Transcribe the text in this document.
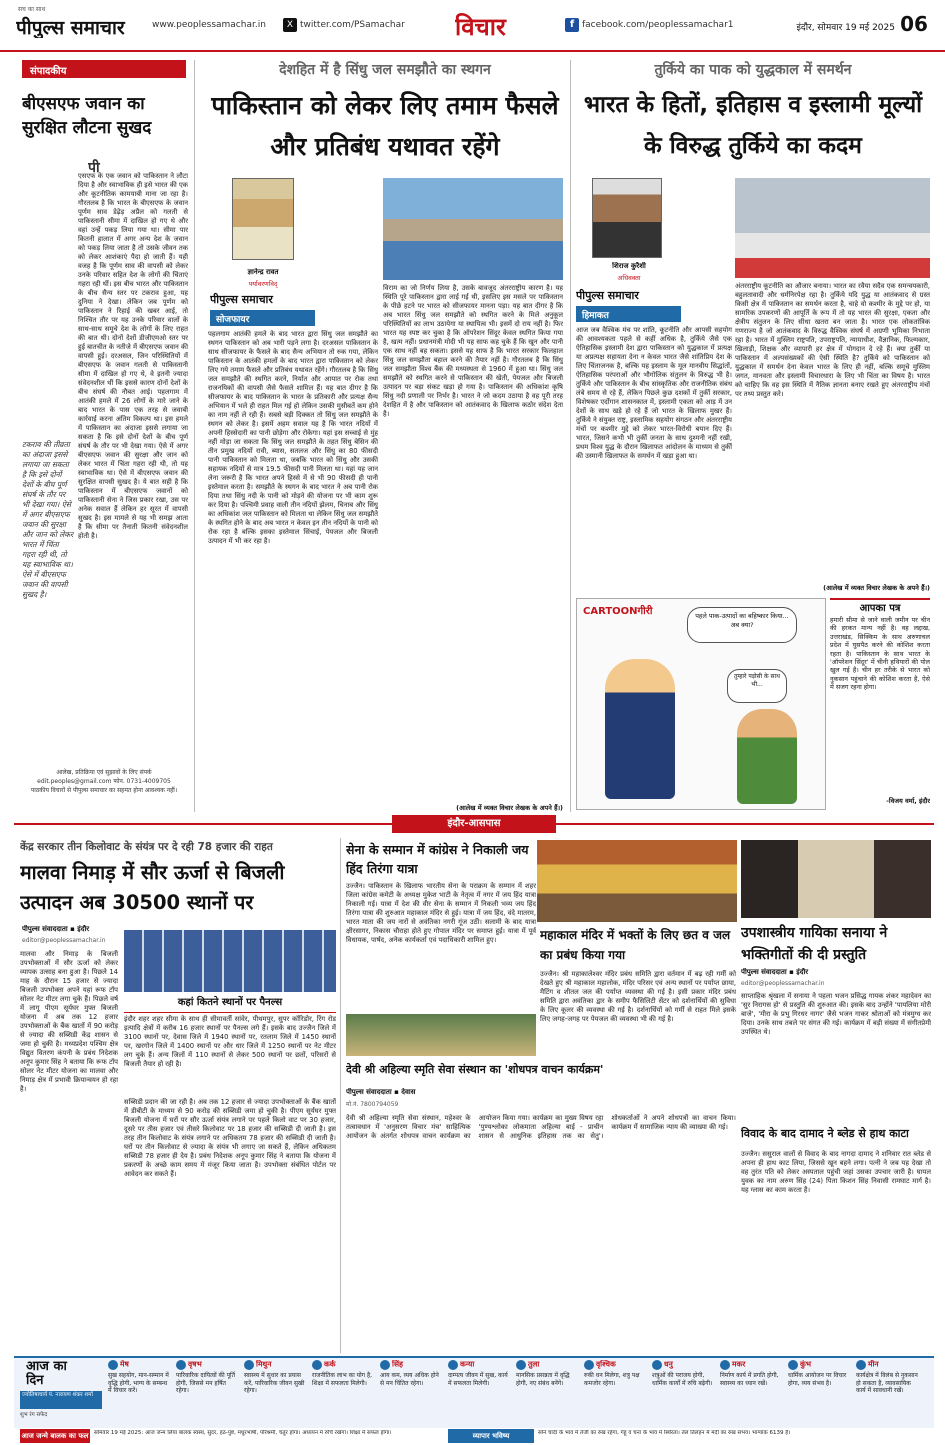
पीपुल्स समाचार
सच का साथ
www.peoplessamachar.in	X twitter.com/PSamachar	विचार	f facebook.com/peoplessamachar1	इंदौर, सोमवार 19 मई 2025 06
संपादकीय
बीएसएफ जवान का सुरक्षित लौटना सुखद
पी
एसएफ के एक जवान को पाकिस्तान ने लौटा दिया है और स्वाभाविक ही इसे भारत की एक और कूटनीतिक कामयाबी माना जा रहा है। गौरतलब है कि भारत के बीएसएफ के जवान पूर्णम साव डेढ़ेड़ अप्रैल को गलती से पाकिस्तानी सीमा में दाखिल हो गए थे और वहां उन्हें पकड़ लिया गया था। सीमा पार कितनी हालात में अगर अन्य देश के जवान को पकड़ लिया जाता है तो उसके जीवन तक को लेकर आशंकाएं पैदा हो जाती हैं। यही वजह है कि पूर्णम साव की वापसी को लेकर उनके परिवार सहित देश के लोगों की चिंताएं गहरा रही थीं। इस बीच भारत और पाकिस्तान के बीच सैन्य स्तर पर टकराव हुआ, यह दुनिया ने देखा। लेकिन जब पूर्णम को पाकिस्तान ने रिहाई की खबर आई, तो निश्चित तौर पर यह उनके परिवार वालों के साथ-साथ समूचे देश के लोगों के लिए राहत की बात थी। दोनों देशों डीजीएमओ स्तर पर हुई बातचीत के नतीजे में बीएसएफ जवान की वापसी हुई। दरअसल, जिन परिस्थितियों में बीएसएफ के जवान गलती से पाकिस्तानी सीमा में दाखिल हो गए थे, वे इतनी ज्यादा संवेदनशील थीं कि इससे कारण दोनों देशों के बीच संघर्ष की नौबत आई। पहलगाम में आतंकी हमले में 26 लोगों के मारे जाने के बाद भारत के पास एक तरह से जवाबी कार्रवाई करना अंतिम विकल्प था। इस हमले में पाकिस्तान का अंदाजा इससे लगाया जा सकता है कि इसे दोनों देशों के बीच पूर्ण संघर्ष के तौर पर भी देखा गया। ऐसे में अगर बीएसएफ जवान की सुरक्षा और जान को लेकर भारत में चिंता गहरा रही थी, तो यह स्वाभाविक था। ऐसे में बीएसएफ जवान की सुरक्षित वापसी सुखद है। ये बात सही है कि पाकिस्तान में बीएसएफ जवानों को पाकिस्तानी सेना ने जिस प्रकार रखा, उस पर अनेक सवाल हैं लेकिन हर सूरत में वापसी सुखद है। इस मामले से यह भी समझ आता है कि सीमा पर तैनाती कितनी संवेदनशील होती है।
टकराव की तीव्रता का अंदाजा इससे लगाया जा सकता है कि इसे दोनों देशों के बीच पूर्ण संघर्ष के तौर पर भी देखा गया। ऐसे में अगर बीएसएफ जवान की सुरक्षा और जान को लेकर भारत में चिंता गहरा रही थी, तो यह स्वाभाविक था। ऐसे में बीएसएफ जवान की वापसी सुखद है।
आलेख, प्रतिक्रिया एवं सुझावों के लिए संपर्क
edit.peoples@gmail.com फोन. 0731-4009705
पाठकीय विचारों से पीपुल्स समाचार का सहमत होना आवश्यक नहीं।
देशहित में है सिंधु जल समझौते का स्थगन
पाकिस्तान को लेकर लिए तमाम फैसले और प्रतिबंध यथावत रहेंगे
ज्ञानेन्द्र रावत
पर्यावरणविद्
पीपुल्स समाचार
सोजफायर
पहलगाम आतंकी हमले के बाद भारत द्वारा सिंधु जल समझौते का स्थगन पाकिस्तान को अब भारी पड़ने लगा है। दरअसल पाकिस्तान के साथ सीजफायर के फैसले के बाद सैन्य अभियान तो रुक गया, लेकिन पाकिस्तान के आतंकी हमलों के बाद भारत द्वारा पाकिस्तान को लेकर लिए गये तमाम फैसले और प्रतिबंध यथावत रहेंगे। गौरतलब है कि सिंधु जल समझौते की स्थगित करने, निर्यात और आयात पर रोक तथा राजनयिकों की वापसी जैसे फैसले शामिल हैं। यह बात दीगर है कि सीजफायर के बाद पाकिस्तान के भारत के प्रतिकारी और प्रत्यक्ष सैन्य अभियान में भले ही राहत मिल गई हो लेकिन उसकी मुसीबतें कम होने का नाम नहीं ले रही हैं। सबसे बड़ी दिक्कत तो सिंधु जल समझौते के स्थगन को लेकर है। इसमें अहम सवाल यह है कि भारत नदियों में अपनी हिस्सेदारी का पानी छोड़ेगा और रोकेगा। यहां इस सच्चाई से मुंह नहीं मोड़ा जा सकता कि सिंधु जल समझौते के तहत सिंधु बेसिन की तीन प्रमुख नदियों रावी, ब्यास, सतलज और सिंधु का 80 फीसदी पानी पाकिस्तान को मिलता था, जबकि भारत को सिंधु और उसकी सहायक नदियों से मात्र 19.5 फीसदी पानी मिलता था। यहां यह जान लेना जरूरी है कि भारत अपने हिस्से में से भी 90 फीसदी ही पानी इस्तेमाल करता है। समझौते के स्थगन के बाद भारत ने अब पानी रोक दिया तथा सिंधु नदी के पानी को मोड़ने की योजना पर भी काम शुरू कर दिया है। पश्चिमी प्रवाह वाली तीन नदियों झेलम, चिनाब और सिंधु का अधिकांश जल पाकिस्तान को मिलता था लेकिन सिंधु जल समझौते के स्थगित होने के बाद अब भारत न केवल इन तीन नदियों के पानी को रोक रहा है बल्कि इसका इस्तेमाल सिंचाई, पेयजल और बिजली उत्पादन में भी कर रहा है।
विराम का जो निर्णय लिया है, उसके बावजूद अंतरराष्ट्रीय कारण है। यह स्थिति पूरे पाकिस्तान द्वारा लाई गई थी, इसलिए इस मसले पर पाकिस्तान के पीछे हटने पर भारत को सीजफायर मानना पड़ा। यह बात दीगर है कि अब भारत सिंधु जल समझौते को स्थगित करने के मिले अनुकूल परिस्थितियों का लाभ उठायेगा या स्थायित्व भी। इसमें दो राय नहीं है। फिर भारत यह स्पष्ट कर चुका है कि ऑपरेशन सिंदूर केवल स्थगित किया गया है, खत्म नहीं। प्रधानमंत्री मोदी भी यह साफ कह चुके हैं कि खून और पानी एक साथ नहीं बह सकता। इससे यह साफ है कि भारत सरकार फिलहाल सिंधु जल समझौता बहाल करने की तैयार नहीं है। गौरतलब है कि सिंधु जल समझौता विश्व बैंक की मध्यस्थता से 1960 में हुआ था। सिंधु जल समझौते को स्थगित करने से पाकिस्तान की खेती, पेयजल और बिजली उत्पादन पर बड़ा संकट खड़ा हो गया है। पाकिस्तान की अधिकांश कृषि सिंधु नदी प्रणाली पर निर्भर है। भारत ने जो कदम उठाया है वह पूरी तरह देशहित में है और पाकिस्तान को आतंकवाद के खिलाफ कठोर संदेश देता है।
(आलेख में व्यक्त विचार लेखक के अपने हैं।)
तुर्किये का पाक को युद्धकाल में समर्थन
भारत के हितों, इतिहास व इस्लामी मूल्यों के विरुद्ध तुर्किये का कदम
शिराज कुरैशी
अधिवक्ता
पीपुल्स समाचार
हिमाकत
आज जब वैश्विक मंच पर शांति, कूटनीति और आपसी सहयोग की आवश्यकता पहले से कहीं अधिक है, तुर्किये जैसे एक ऐतिहासिक इस्लामी देश द्वारा पाकिस्तान को युद्धकाल में प्रत्यक्ष या अप्रत्यक्ष सहायता देना न केवल भारत जैसे शांतिप्रिय देश के लिए चिंताजनक है, बल्कि यह इस्लाम के मूल मानवीय सिद्धांतों, ऐतिहासिक परंपराओं और भौगोलिक संतुलन के विरुद्ध भी है। तुर्किये और पाकिस्तान के बीच सांस्कृतिक और राजनीतिक संबंध लंबे समय से रहे हैं, लेकिन पिछले कुछ दशकों में तुर्की सरकार, विशेषकर एर्दोगान शासनकाल में, इस्लामी एकता को आड़ में उन देशों के साथ खड़े हो रहे हैं जो भारत के खिलाफ मुखर हैं। तुर्किये ने संयुक्त राष्ट्र, इस्लामिक सहयोग संगठन और अंतरराष्ट्रीय मंचों पर कश्मीर मुद्दे को लेकर भारत-विरोधी बयान दिए हैं। भारत, जिसने कभी भी तुर्की जनता के साथ दुश्मनी नहीं रखी, प्रथम विश्व युद्ध के दौरान खिलाफत आंदोलन के माध्यम से तुर्की की उस्मानी खिलाफत के समर्थन में खड़ा हुआ था।
अंतरराष्ट्रीय कूटनीति का औजार बनाया। भारत का रवैया सदैव एक समन्वयकारी, बहुलतावादी और धर्मनिरपेक्ष रहा है। तुर्किये यदि युद्ध या आतंकवाद से ग्रस्त किसी क्षेत्र में पाकिस्तान का समर्थन करता है, चाहे वो कश्मीर के मुद्दे पर हो, या सामरिक उपकरणों की आपूर्ति के रूप में तो यह भारत की सुरक्षा, एकता और क्षेत्रीय संतुलन के लिए सीधा खतरा बन जाता है। भारत एक लोकतांत्रिक गणराज्य है जो आतंकवाद के विरुद्ध वैश्विक संघर्ष में अग्रणी भूमिका निभाता रहा है। भारत में मुस्लिम राष्ट्रपति, उपराष्ट्रपति, न्यायाधीश, वैज्ञानिक, फिल्मकार, खिलाड़ी, शिक्षक और व्यापारी हर क्षेत्र में योगदान दे रहे हैं। क्या तुर्की या पाकिस्तान में अल्पसंख्यकों की ऐसी स्थिति है? तुर्किये को पाकिस्तान को युद्धकाल में समर्थन देना केवल भारत के लिए ही नहीं, बल्कि समूचे मुस्लिम जगत, मानवता और इस्लामी विचारधारा के लिए भी चिंता का विषय है। भारत को चाहिए कि वह इस स्थिति में नैतिक ज्ञानता बनाए रखते हुए अंतरराष्ट्रीय मंचों पर तथ्य प्रस्तुत करे।
(आलेख में व्यक्त विचार लेखक के अपने हैं।)
CARTOONगीरी	पहले पाक-उत्पादों का बहिष्कार किया... अब क्या?
तुम्हारे पड़ोसी के साथ भी...
आपका पत्र
हमारी सीमा से जाने वाली जमीन पर चीन की हरकत मान्य नहीं है। वह लद्दाख, उत्तराखंड, सिक्किम के साथ अरुणाचल प्रदेश में घुसपैठ करने की कोशिश करता रहता है। पाकिस्तान के साथ भारत के 'ऑपरेशन सिंदूर' में चीनी हथियारों की पोल खुल गई है। चीन हर तरीके से भारत को नुकसान पहुंचाने की कोशिश करता है, ऐसे में सजग रहना होगा।
-विजय वर्मा, इंदौर
इंदौर-आसपास
केंद्र सरकार तीन किलोवाट के संयंत्र पर दे रही 78 हजार की राहत
मालवा निमाड़ में सौर ऊर्जा से बिजली उत्पादन अब 30500 स्थानों पर
पीपुल्स संवाददाता ▪ इंदौर
editor@peoplessamachar.in
मालवा और निमाड़ के बिजली उपभोक्ताओं में सौर ऊर्जा को लेकर व्यापक उत्साह बना हुआ है। पिछले 14 माह के दौरान 15 हजार से ज्यादा बिजली उपभोक्ता अपने यहां रूफ टॉप सोलर नेट मीटर लगा चुके हैं। पिछले वर्ष में लागू पीएम सूर्यघर मुफ्त बिजली योजना में अब तक 12 हजार उपभोक्ताओं के बैंक खातों में 90 करोड़ से ज्यादा की सब्सिडी केंद्र शासन से जमा हो चुकी है। मध्यप्रदेश पश्चिम क्षेत्र विद्युत वितरण कंपनी के प्रबंध निदेशक अनूप कुमार सिंह ने बताया कि रूफ टॉप सोलर नेट मीटर योजना का मालवा और निमाड़ क्षेत्र में प्रभावी क्रियान्वयन हो रहा है।
कहां कितने स्थानों पर पैनल्स
इंदौर शहर शहर सीमा के साथ ही सीमावर्ती सांवेर, पीथमपुर, सुपर कॉरिडोर, रिंग रोड इत्यादि क्षेत्रों में करीब 16 हजार स्थानों पर पैनल्स लगे हैं। इसके बाद उज्जैन जिले में 3100 स्थानों पर, देवास जिले में 1940 स्थानों पर, रतलाम जिले में 1450 स्थानों पर, खरगोन जिले में 1400 स्थानों पर और धार जिले में 1250 स्थानों पर नेट मीटर लग चुके हैं। अन्य जिलों में 110 स्थानों से लेकर 500 स्थानों पर छतों, परिसरों से बिजली तैयार हो रही है।
सब्सिडी प्रदान की जा रही है। अब तक 12 हजार से ज्यादा उपभोक्ताओं के बैंक खातों में डीबीटी के माध्यम से 90 करोड़ की सब्सिडी जमा हो चुकी है। पीएम सूर्यघर मुफ्त बिजली योजना में घरों पर सौर ऊर्जा संयंत्र लगाने पर पहले किलो वाट पर 30 हजार, दूसरे पर तीस हजार एवं तीसरे किलोवाट पर 18 हजार की सब्सिडी दी जाती है। इस तरह तीन किलोवाट के संयंत्र लगाने पर अधिकतम 78 हजार की सब्सिडी दी जाती है। घरों पर तीन किलोवाट से ज्यादा के संयंत्र भी लगाए जा सकते हैं, लेकिन अधिकतम सब्सिडी 78 हजार ही देय है। प्रबंध निदेशक अनूप कुमार सिंह ने बताया कि योजना में प्रकरणों के अच्छे काम समय में मंजूर किया जाता है। उपभोक्ता संबंधित पोर्टल पर आवेदन कर सकते हैं।
सेना के सम्मान में कांग्रेस ने निकाली जय हिंद तिरंगा यात्रा
उज्जैन। पाकिस्तान के खिलाफ भारतीय सेना के पराक्रम के सम्मान में शहर जिला कांग्रेस कमेटी के अध्यक्ष मुकेश भाटी के नेतृत्व में नगर में जय हिंद यात्रा निकाली गई। यात्रा में देश की वीर सेना के सम्मान में निकली भव्य जय हिंद तिरंगा यात्रा की शुरुआत महाकाल मंदिर से हुई। यात्रा में जय हिंद, वंदे मातरम, भारत माता की जय नारों से अवंतिका नगरी गूंज उठी। सलामी के बाद यात्रा क्षीरसागर, निकास चौराहा होते हुए गोपाल मंदिर पर समाप्त हुई। यात्रा में पूर्व विधायक, पार्षद, अनेक कार्यकर्ता एवं पदाधिकारी शामिल हुए।	महाकाल मंदिर में भक्तों के लिए छत व जल का प्रबंध किया गया
उज्जैन। श्री महाकालेश्वर मंदिर प्रबंध समिति द्वारा वर्तमान में बढ़ रही गर्मी को देखते हुए श्री महाकाल महालोक, मंदिर परिसर एवं अन्य स्थानों पर पर्याप्त छाया, मैटिंग व शीतल जल की पर्याप्त व्यवस्था की गई है। इसी प्रकार मंदिर प्रबंध समिति द्वारा अवंतिका द्वार के समीप फैसिलिटी सेंटर को दर्शनार्थियों की सुविधा के लिए कूलर की व्यवस्था की गई है। दर्शनार्थियों को गर्मी से राहत मिले इसके लिए जगह-जगह पर पेयजल की व्यवस्था भी की गई है।
उपशास्त्रीय गायिका सनाया ने भक्तिगीतों की दी प्रस्तुति
पीपुल्स संवाददाता ▪ इंदौर
editor@peoplessamachar.in
साप्ताहिक श्रृंखला में सनाया ने पहला भजन प्रसिद्ध गायक शंकर महादेवन का 'सुर निरागस हो' से प्रस्तुति की शुरुआत की। इसके बाद उन्होंने 'पायलिया मोरी बाजे', 'मीरा के प्रभु गिरधर नागर' जैसे भजन गाकर श्रोताओं को मंत्रमुग्ध कर दिया। उनके साथ तबले पर संगत की गई। कार्यक्रम में बड़ी संख्या में संगीतप्रेमी उपस्थित थे।
देवी श्री अहिल्या स्मृति सेवा संस्थान का 'शोधपत्र वाचन कार्यक्रम'
पीपुल्स संवाददाता ▪ देवास
मो.नं. 7800794059
देवी श्री अहिल्या स्मृति सेवा संस्थान, महेश्वर के तत्वावधान में 'अनुसरण विचार मंच' साहित्यिक आयोजन के अंतर्गत शोधपत्र वाचन कार्यक्रम का आयोजन किया गया। कार्यक्रम का मुख्य विषय रहा 'पुण्यश्लोका लोकमाता अहिल्या बाई - प्राचीन शासन से आधुनिक इतिहास तक का सेतु'। शोधकर्ताओं ने अपने शोधपत्रों का वाचन किया। कार्यक्रम में सामाजिक न्याय की व्याख्या की गई।	विवाद के बाद दामाद ने ब्लेड से हाथ काटा
उज्जैन। ससुराल वालों से विवाद के बाद नागदा दामाद ने शनिवार रात ब्लेड से अपना ही हाथ काट लिया, जिससे खून बहने लगा। पत्नी ने जब यह देखा तो वह तुरंत पति को लेकर अस्पताल पहुंची जहां उसका उपचार जारी है। घायल युवक का नाम अरुण सिंह (24) पिता किशन सिंह निवासी रामघाट मार्ग है। यह ग्लास का काम करता है।
आज का दिन
ज्योतिषाचार्य पं. नारायण शंकर शर्मा
शुभ रंग सफेद
मेष
सुख सहयोग, मान-सम्मान में वृद्धि होगी, भाग्य के सम्बन्ध में विचार करें।
वृषभ
पारिवारिक दायित्वों की पूर्ति होगी, जिससे मन हर्षित रहेगा।
मिथुन
स्वास्थ्य में सुधार का प्रयास करें, पारिवारिक जीवन सुखी रहेगा।
कर्क
राजनीतिक लाभ का योग है, शिक्षा में सफलता मिलेगी।
सिंह
आय कम, व्यय अधिक होने से मन चिंतित रहेगा।
कन्या
दाम्पत्य जीवन में सुख, कार्य में सफलता मिलेगी।
तुला
मानसिक प्रसन्नता में वृद्धि होगी, नए संबंध बनेंगे।
वृश्चिक
रुकी धन मिलेगा, शत्रु पक्ष कमजोर रहेगा।
धनु
शत्रुओं की पराजय होगी, धार्मिक कार्यों में रुचि बढ़ेगी।
मकर
निर्माण कार्य में प्रगति होगी, स्वास्थ्य का ध्यान रखें।
कुंभ
धार्मिक आयोजन पर विचार होगा, व्यय संभव है।
मीन
कार्यक्षेत्र में विलंब से नुकसान हो सकता है, व्यावसायिक कार्य में सावधानी रखें।
आज जन्मे बालक का फल सोमवार 19 मई 2025: आज जन्म लिया बालक स्वस्थ, सुंदर, हठ-पुष्ट, मधुरभाषी, परिश्रमी, चतुर होगा। अध्ययन में रुचि रखेगा। शिक्षा में सफल होगा।	व्यापार भविष्य	सोने चांदी के भाव में तेजी का रुख रहेगा, गेहूं व चना के भाव में स्थिरता। तेल तिलहन में मंदी का रुख संभव। भाग्यांक 6139 है।
